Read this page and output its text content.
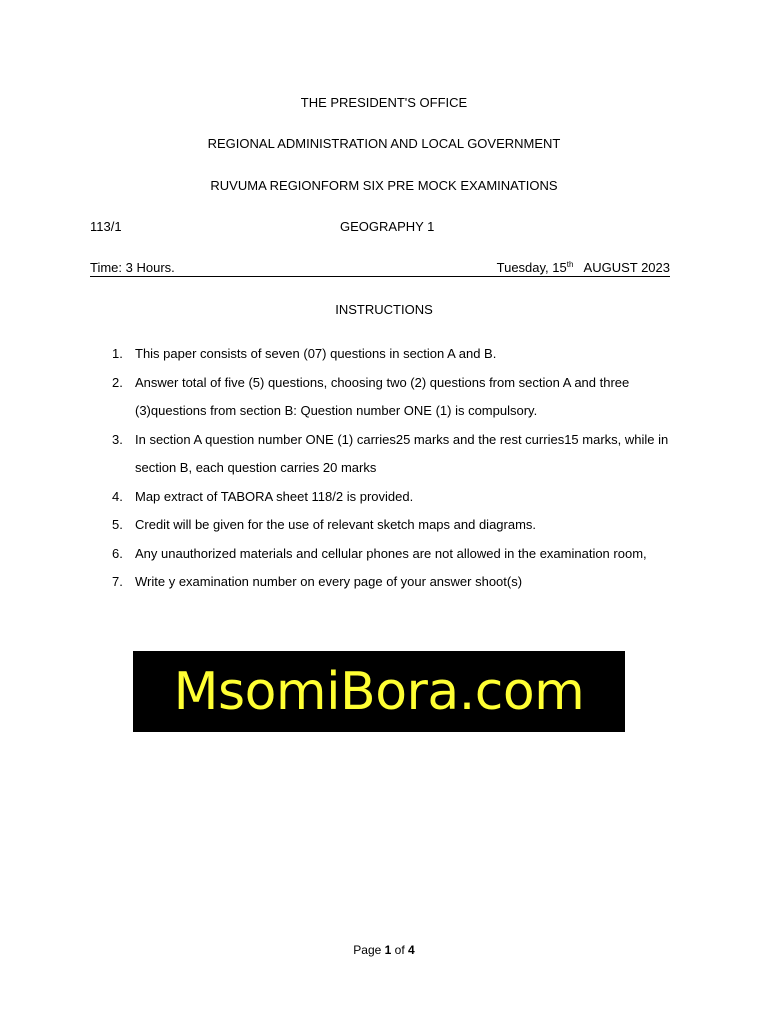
THE PRESIDENT'S OFFICE
REGIONAL ADMINISTRATION AND LOCAL GOVERNMENT
RUVUMA REGIONFORM SIX PRE MOCK EXAMINATIONS
113/1	GEOGRAPHY 1
Time: 3 Hours.	Tuesday, 15th AUGUST 2023
INSTRUCTIONS
1. This paper consists of seven (07) questions in section A and B.
2. Answer total of five (5) questions, choosing two (2) questions from section A and three (3)questions from section B: Question number ONE (1) is compulsory.
3. In section A question number ONE (1) carries25 marks and the rest curries15 marks, while in section B, each question carries 20 marks
4. Map extract of TABORA sheet 118/2 is provided.
5. Credit will be given for the use of relevant sketch maps and diagrams.
6. Any unauthorized materials and cellular phones are not allowed in the examination room,
7. Write y examination number on every page of your answer shoot(s)
MsomiBora.com
Page 1 of 4
